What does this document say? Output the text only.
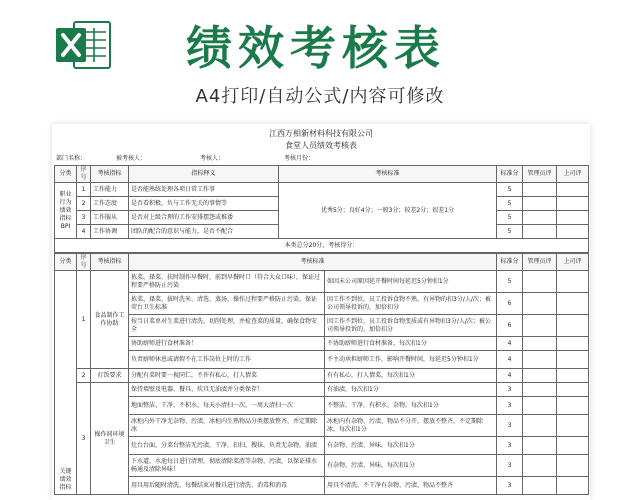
绩效考核表
A4打印/自动公式/内容可修改
江西万相新材料科技有限公司
食堂人员绩效考核表
部门名称：	被考核人：	考核人：	考核月份：
分类	序号	考核指标	指标释义	考核标准	标准分	管理员评	上司评
职业行为绩效指标BPI	1	工作能力	是否能熟练处理各项日常工作事	优秀5分；良好4分；一般3分；较差2分；很差1分	5		
	2	工作态度	是否看积极，负与工作无关的事情等		5		
	3	工作服从	是否对上级合理的工作安排摆怨或推诿		5		
	4	工作协调	团队的配合的意识与能力，是否不配合		5		
本类总分20分，考核得分：							
分类	序号	考核指标	考核标准		标准分	管理员评	上司评
关键绩效指标	1	食品制作工作协助	拣菜、择菜、扶时制作早餐时，前到早餐时口（符合大众口味），保证过程要严格防止污染	如因未公司原因延开餐时间每延迟5分钟扣1分	5		
			拣菜、择菜、拔时洗米、清选、蒸汤，操作过程要严格防止污染，保证荧台卫生标准	因工作不到位，员工投诉食物不熟、有异物的扣3分/人/次；被公司领导投诉的，加倍扣分	6		
			按当日菜单对生菜进行清洗、切削处理，并检查菜的质量，确保食物安全	因工作不到位，员工投诉食物变质或有异物扣3分/人/次；被公司领导投诉的，加倍扣分	6		
			协助厨师进行食材准备！	不协助厨师进行食材准备，每次扣1分	4		
			负责厨师休息或请假不在工作岗位上时的工作	不主动承担厨师工作，影响开餐时间，每延迟5分钟扣1分	4		
	2	打饭要求	分配有菜时要一视同仁，不许有私心，打人情菜	有有私心，打人情菜，每次扣1分	4		
	3	操作间环境卫生	保持墙壁及电器、餐具、炊具无油渍并分类保存！	有油渍，每次扣1分	3		
			地面整洁、干净、不积水，每天小清扫一次，一周大清扫一次	不整洁、干净，有积水、杂物，每次扣1分	3		
			冰柜内外干净无杂物、污渍，冰柜内生熟物品分类摆放整齐，并定期除冰	冰柜内有杂物、污渍、物品不分开，摆放不整齐，不定期除冰，每次扣1分	3		
			灶台台面，分菜台整洁无污渍，干净，扣扫，搜抹，负责无杂物，油渍	有杂物、污渍、异味，每次扣1分	3		
			下水道，水池每日进行清理，彻底清除菜渣等杂物、污渍，以保证排水畅通及清除异味！	有杂物、污渍、异味，每次扣1分	3		
			用具用后随时清洗，每餐结束对餐具进行清洗、消毒和消毒	用具不清洗、不干净有杂物、污渍、物品不整齐	3		
